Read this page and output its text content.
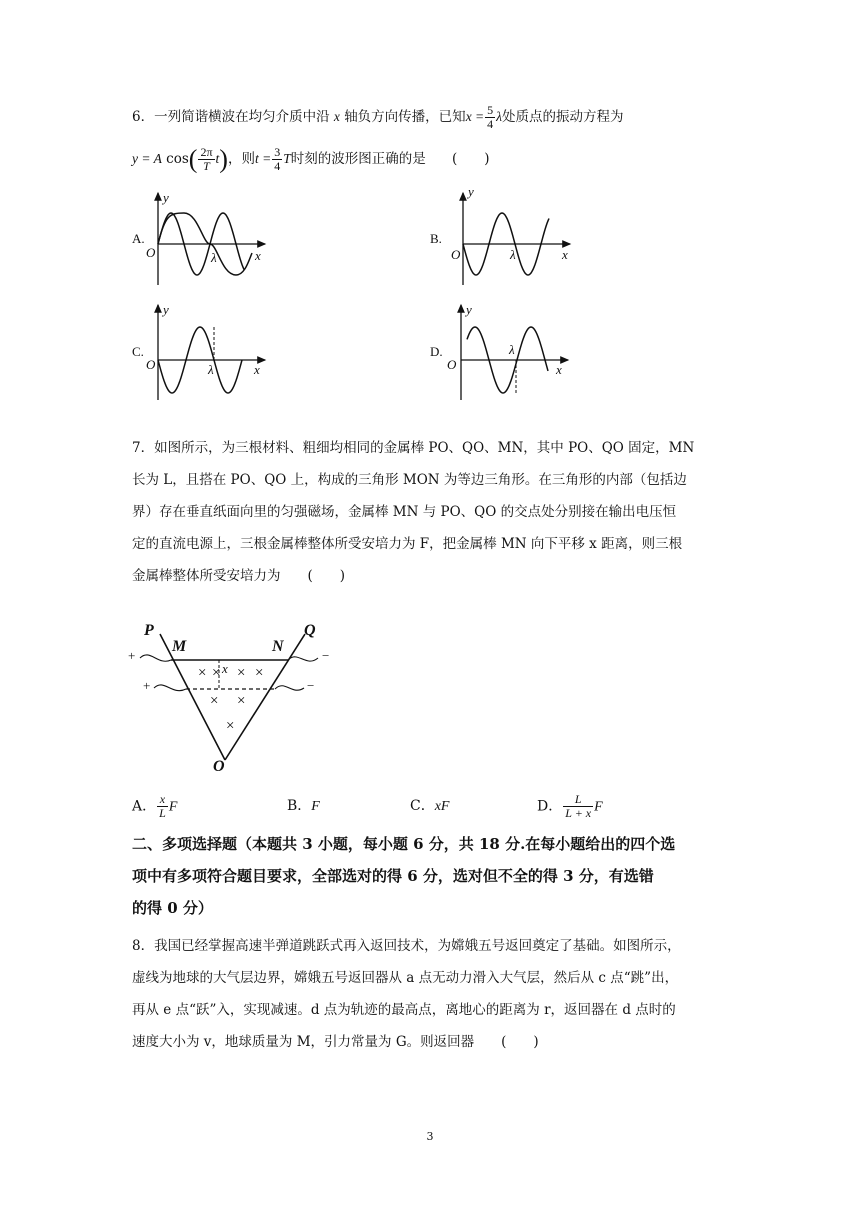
6．一列简谐横波在均匀介质中沿 x 轴负方向传播，已知$x = \frac{5}{4}$ λ处质点的振动方程为
y = A $\cos( \frac{2\pi}{T} t)$，则$t = \frac{3}{4}$ T时刻的波形图正确的是 (　　)
A.
y
O	λ	x
B.
y
O	λ	x
C.
y
O	λ	x
D.
y
O
λ
x
7．如图所示，为三根材料、粗细均相同的金属棒 PO、QO、MN，其中 PO、QO 固定，MN
长为 L，且搭在 PO、QO 上，构成的三角形 MON 为等边三角形。在三角形的内部（包括边
界）存在垂直纸面向里的匀强磁场，金属棒 MN 与 PO、QO 的交点处分别接在输出电压恒
定的直流电源上，三根金属棒整体所受安培力为 F，把金属棒 MN 向下平移 x 距离，则三根
金属棒整体所受安培力为　　(　　)
× × × ×
× ×
×
P
M	N
Q
O
x
+	−
+	−
A． $\frac{x}{L}$ F	B．F	C．xF	D． $\frac{L}{L + x}$ F
二、多项选择题（本题共 3 小题，每小题 6 分，共 18 分.在每小题给出的四个选
项中有多项符合题目要求，全部选对的得 6 分，选对但不全的得 3 分，有选错
的得 0 分）
8．我国已经掌握高速半弹道跳跃式再入返回技术，为嫦娥五号返回奠定了基础。如图所示，
虚线为地球的大气层边界，嫦娥五号返回器从 a 点无动力滑入大气层，然后从 c 点“跳”出，
再从 e 点“跃”入，实现减速。d 点为轨迹的最高点，离地心的距离为 r，返回器在 d 点时的
速度大小为 v，地球质量为 M，引力常量为 G。则返回器　　(　　)
3
